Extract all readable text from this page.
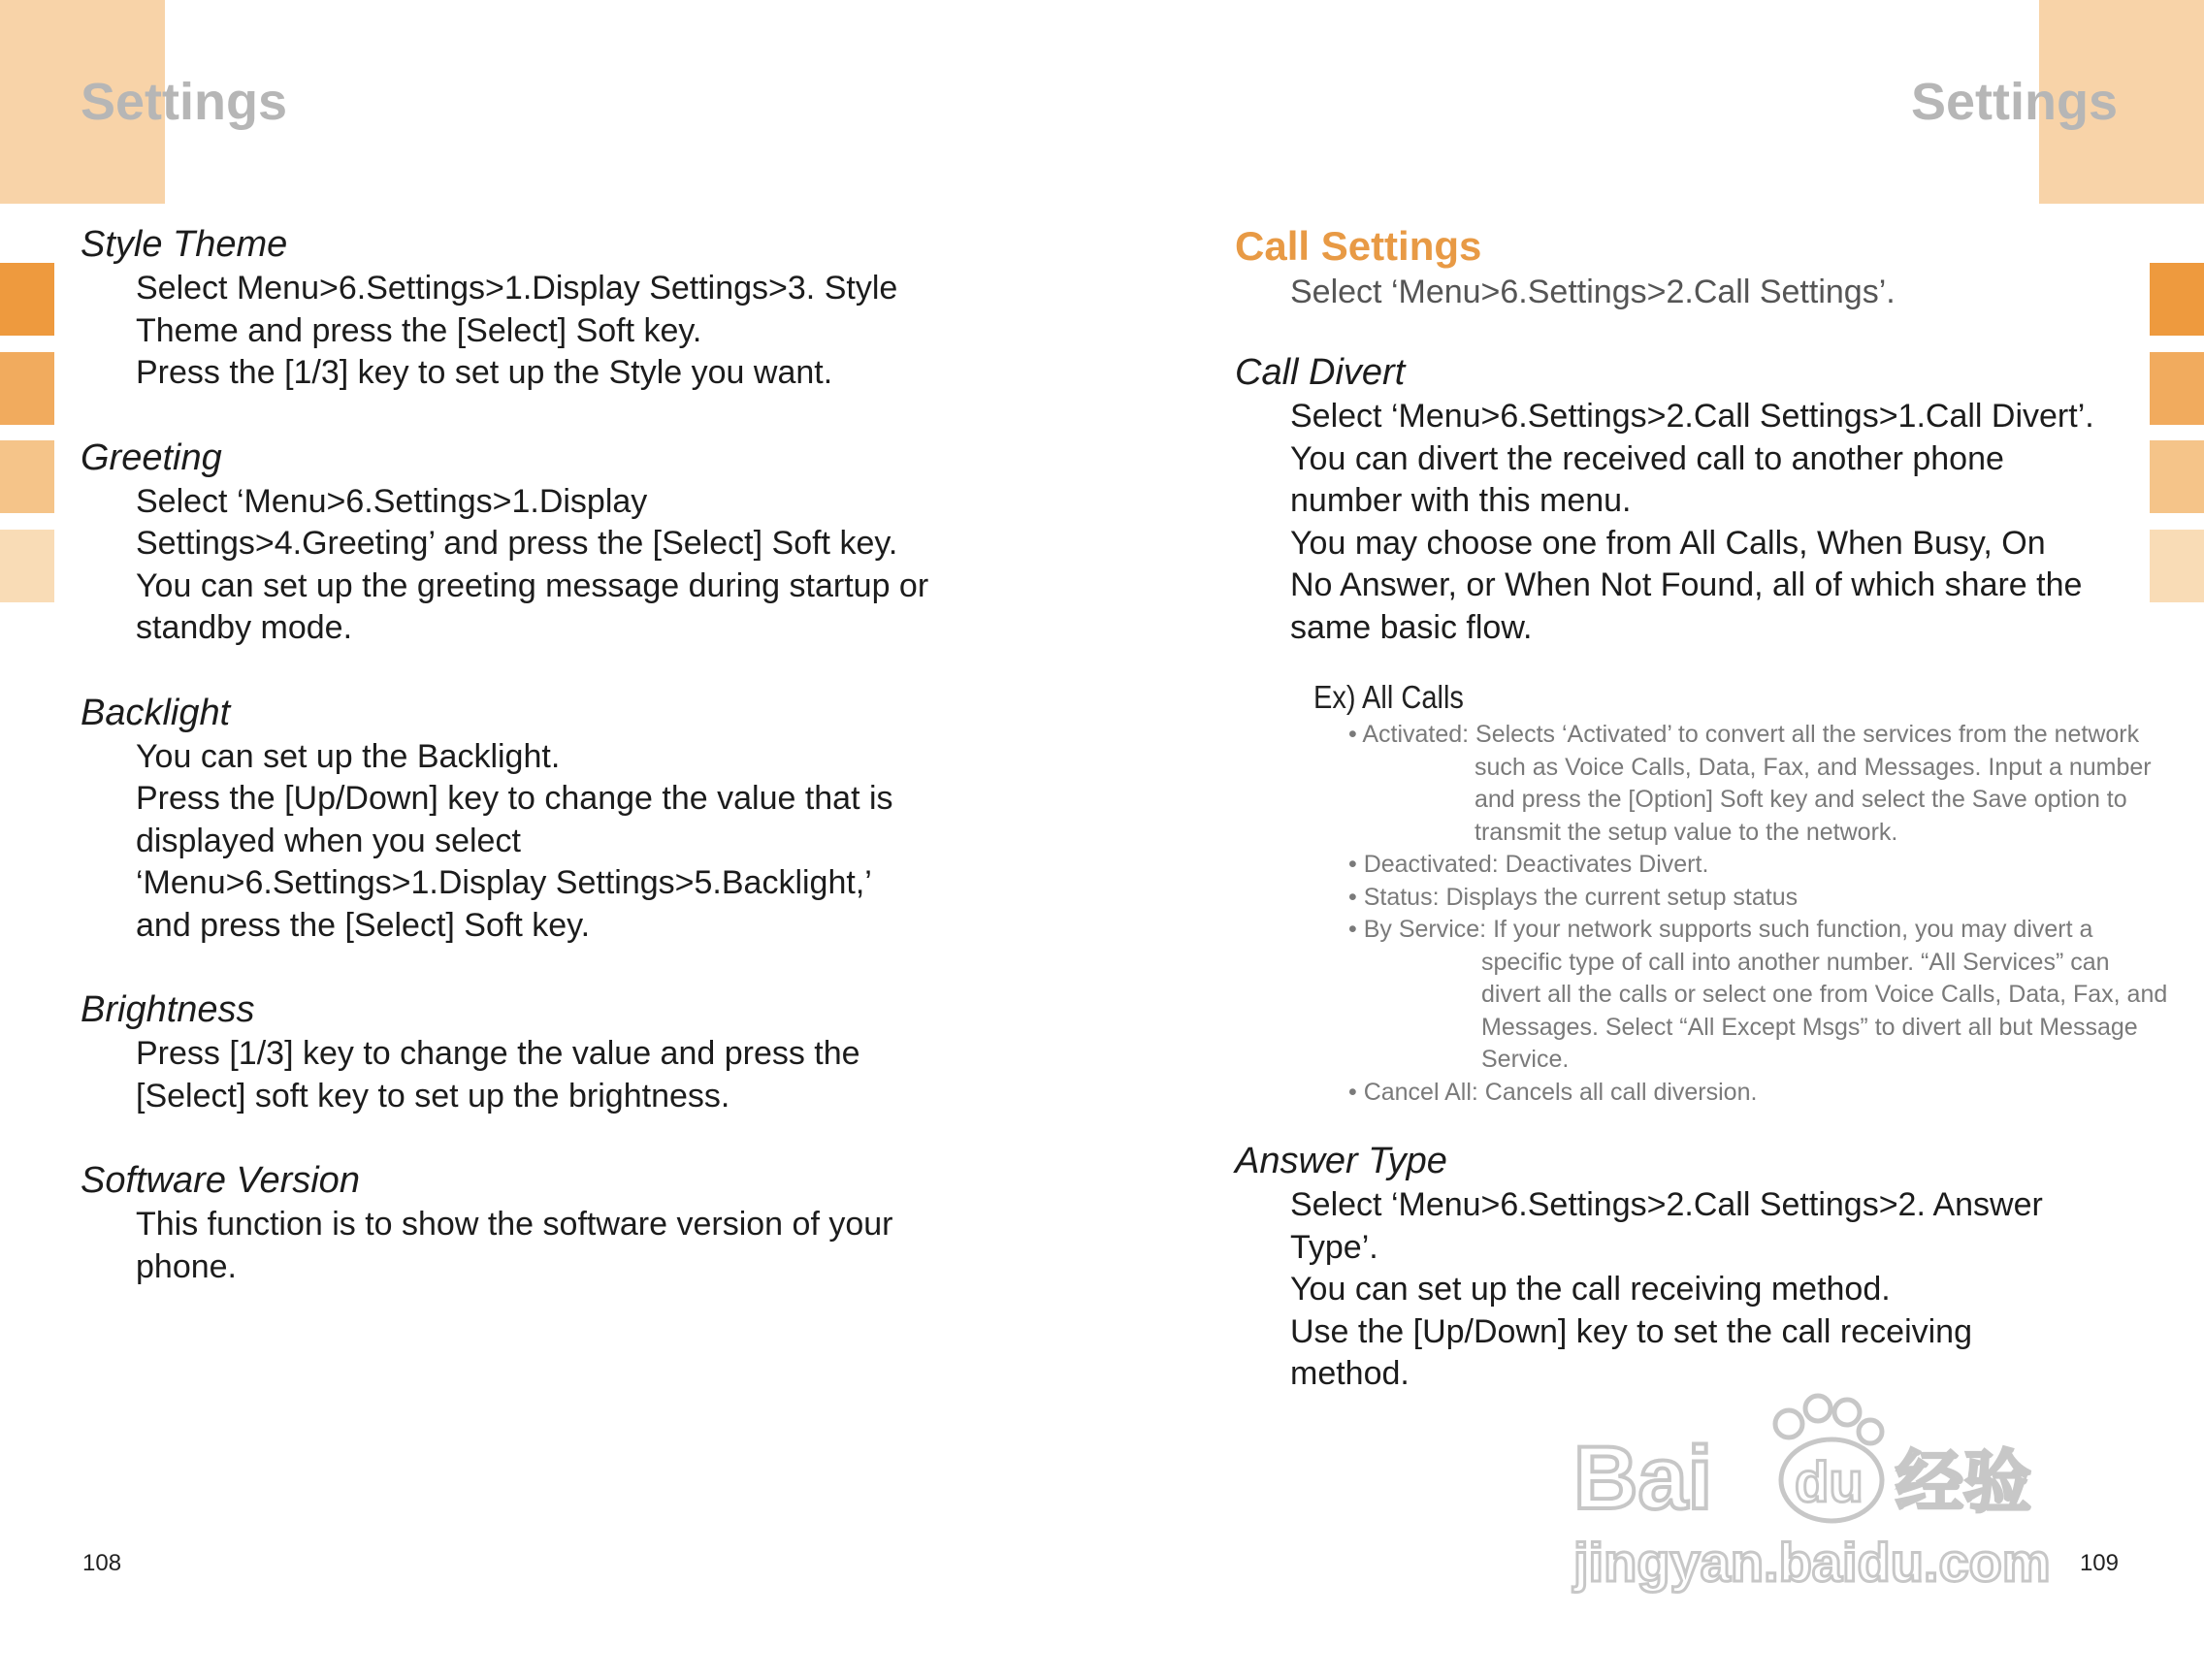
Settings	Settings
Style Theme
Select Menu>6.Settings>1.Display Settings>3. Style
Theme and press the [Select] Soft key.
Press the [1/3] key to set up the Style you want.
Greeting
Select ‘Menu>6.Settings>1.Display
Settings>4.Greeting’ and press the [Select] Soft key.
You can set up the greeting message during startup or
standby mode.
Backlight
You can set up the Backlight.
Press the [Up/Down] key to change the value that is
displayed when you select
‘Menu>6.Settings>1.Display Settings>5.Backlight,’
and press the [Select] Soft key.
Brightness
Press [1/3] key to change the value and press the
[Select] soft key to set up the brightness.
Software Version
This function is to show the software version of your
phone.
Call Settings
Select ‘Menu>6.Settings>2.Call Settings’.
Call Divert
Select ‘Menu>6.Settings>2.Call Settings>1.Call Divert’.
You can divert the received call to another phone
number with this menu.
You may choose one from All Calls, When Busy, On
No Answer, or When Not Found, all of which share the
same basic flow.
Ex) All Calls
• Activated: Selects ‘Activated’ to convert all the services from the network
such as Voice Calls, Data, Fax, and Messages. Input a number
and press the [Option] Soft key and select the Save option to
transmit the setup value to the network.
• Deactivated: Deactivates Divert.
• Status: Displays the current setup status
• By Service: If your network supports such function, you may divert a
specific type of call into another number. “All Services” can
divert all the calls or select one from Voice Calls, Data, Fax, and
Messages. Select “All Except Msgs” to divert all but Message
Service.
• Cancel All: Cancels all call diversion.
Answer Type
Select ‘Menu>6.Settings>2.Call Settings>2. Answer
Type’.
You can set up the call receiving method.
Use the [Up/Down] key to set the call receiving
method.
108	109
Bai du 经验
jingyan.baidu.com
